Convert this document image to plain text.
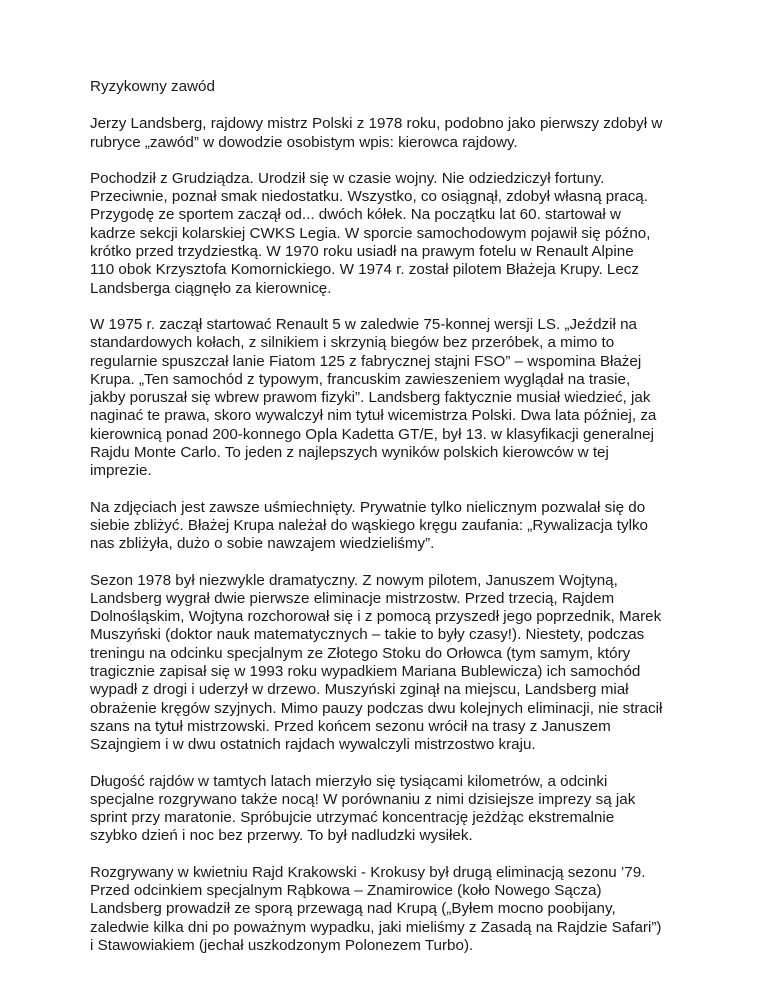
Ryzykowny zawód
Jerzy Landsberg, rajdowy mistrz Polski z 1978 roku, podobno jako pierwszy zdobył w
rubryce „zawód” w dowodzie osobistym wpis: kierowca rajdowy.
Pochodził z Grudziądza. Urodził się w czasie wojny. Nie odziedziczył fortuny.
Przeciwnie, poznał smak niedostatku. Wszystko, co osiągnął, zdobył własną pracą.
Przygodę ze sportem zaczął od... dwóch kółek. Na początku lat 60. startował w
kadrze sekcji kolarskiej CWKS Legia. W sporcie samochodowym pojawił się późno,
krótko przed trzydziestką. W 1970 roku usiadł na prawym fotelu w Renault Alpine
110 obok Krzysztofa Komornickiego. W 1974 r. został pilotem Błażeja Krupy. Lecz
Landsberga ciągnęło za kierownicę.
W 1975 r. zaczął startować Renault 5 w zaledwie 75-konnej wersji LS. „Jeździł na
standardowych kołach, z silnikiem i skrzynią biegów bez przeróbek, a mimo to
regularnie spuszczał lanie Fiatom 125 z fabrycznej stajni FSO” – wspomina Błażej
Krupa. „Ten samochód z typowym, francuskim zawieszeniem wyglądał na trasie,
jakby poruszał się wbrew prawom fizyki”. Landsberg faktycznie musiał wiedzieć, jak
naginać te prawa, skoro wywalczył nim tytuł wicemistrza Polski. Dwa lata później, za
kierownicą ponad 200-konnego Opla Kadetta GT/E, był 13. w klasyfikacji generalnej
Rajdu Monte Carlo. To jeden z najlepszych wyników polskich kierowców w tej
imprezie.
Na zdjęciach jest zawsze uśmiechnięty. Prywatnie tylko nielicznym pozwalał się do
siebie zbliżyć. Błażej Krupa należał do wąskiego kręgu zaufania: „Rywalizacja tylko
nas zbliżyła, dużo o sobie nawzajem wiedzieliśmy”.
Sezon 1978 był niezwykle dramatyczny. Z nowym pilotem, Januszem Wojtyną,
Landsberg wygrał dwie pierwsze eliminacje mistrzostw. Przed trzecią, Rajdem
Dolnośląskim, Wojtyna rozchorował się i z pomocą przyszedł jego poprzednik, Marek
Muszyński (doktor nauk matematycznych – takie to były czasy!). Niestety, podczas
treningu na odcinku specjalnym ze Złotego Stoku do Orłowca (tym samym, który
tragicznie zapisał się w 1993 roku wypadkiem Mariana Bublewicza) ich samochód
wypadł z drogi i uderzył w drzewo. Muszyński zginął na miejscu, Landsberg miał
obrażenie kręgów szyjnych. Mimo pauzy podczas dwu kolejnych eliminacji, nie stracił
szans na tytuł mistrzowski. Przed końcem sezonu wrócił na trasy z Januszem
Szajngiem i w dwu ostatnich rajdach wywalczyli mistrzostwo kraju.
Długość rajdów w tamtych latach mierzyło się tysiącami kilometrów, a odcinki
specjalne rozgrywano także nocą! W porównaniu z nimi dzisiejsze imprezy są jak
sprint przy maratonie. Spróbujcie utrzymać koncentrację jeżdżąc ekstremalnie
szybko dzień i noc bez przerwy. To był nadludzki wysiłek.
Rozgrywany w kwietniu Rajd Krakowski - Krokusy był drugą eliminacją sezonu ’79.
Przed odcinkiem specjalnym Rąbkowa – Znamirowice (koło Nowego Sącza)
Landsberg prowadził ze sporą przewagą nad Krupą („Byłem mocno poobijany,
zaledwie kilka dni po poważnym wypadku, jaki mieliśmy z Zasadą na Rajdzie Safari”)
i Stawowiakiem (jechał uszkodzonym Polonezem Turbo).
